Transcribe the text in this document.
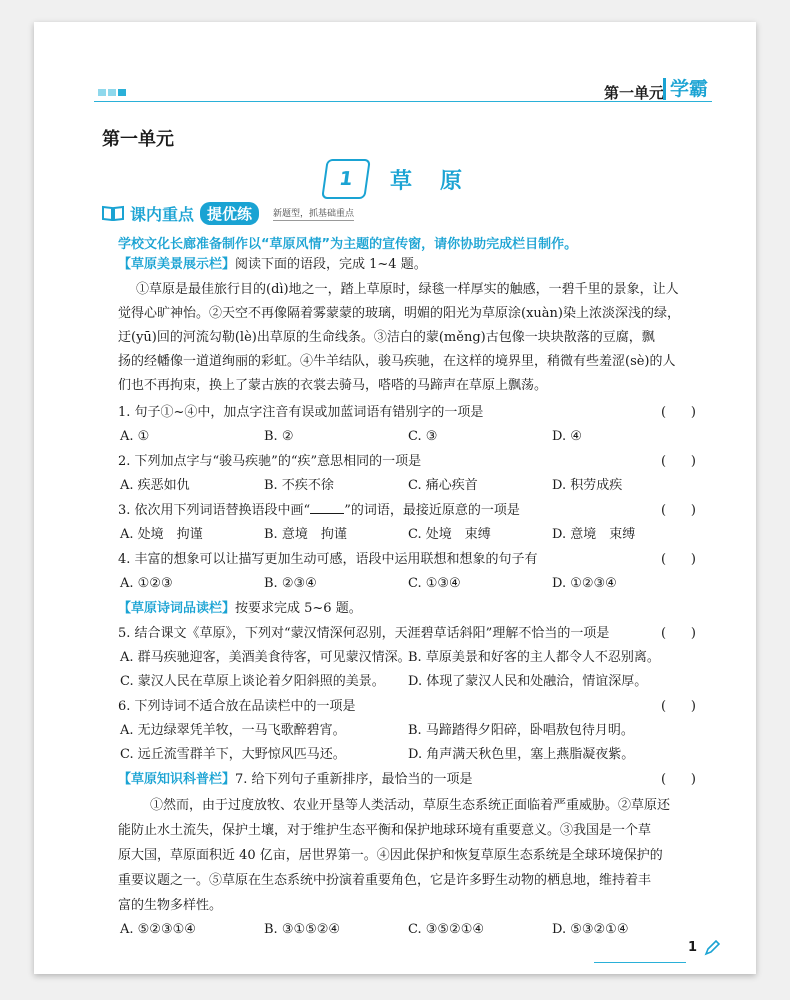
第一单元 学霸
第一单元
1	草原
课内重点 提优练	新题型，抓基础重点
学校文化长廊准备制作以“草原风情”为主题的宣传窗，请你协助完成栏目制作。
【草原美景展示栏】阅读下面的语段，完成 1~4 题。
①草原是最佳旅行目的(dì)地之一，踏上草原时，绿毯一样厚实的触感，一碧千里的景象，让人
觉得心旷神怡。②天空不再像隔着雾蒙蒙的玻璃，明媚的阳光为草原涂(xuàn)染上浓淡深浅的绿，
迂(yū)回的河流勾勒(lè)出草原的生命线条。③洁白的蒙(měng)古包像一块块散落的豆腐，飘
扬的经幡像一道道绚丽的彩虹。④牛羊结队，骏马疾驰，在这样的境界里，稍微有些羞涩(sè)的人
们也不再拘束，换上了蒙古族的衣裳去骑马，嗒嗒的马蹄声在草原上飘荡。
1. 句子①~④中，加点字注音有误或加蓝词语有错别字的一项是	(      )
A. ①	B. ②	C. ③	D. ④
2. 下列加点字与“骏马疾驰”的“疾”意思相同的一项是	(      )
A. 疾恶如仇	B. 不疾不徐	C. 痛心疾首	D. 积劳成疾
3. 依次用下列词语替换语段中画“	”的词语，最接近原意的一项是	(      )
A. 处境　拘谨	B. 意境　拘谨	C. 处境　束缚	D. 意境　束缚
4. 丰富的想象可以让描写更加生动可感，语段中运用联想和想象的句子有	(      )
A. ①②③	B. ②③④	C. ①③④	D. ①②③④
【草原诗词品读栏】按要求完成 5~6 题。
5. 结合课文《草原》，下列对“蒙汉情深何忍别，天涯碧草话斜阳”理解不恰当的一项是	(      )
A. 群马疾驰迎客，美酒美食待客，可见蒙汉情深。
B. 草原美景和好客的主人都令人不忍别离。
C. 蒙汉人民在草原上谈论着夕阳斜照的美景。 D. 体现了蒙汉人民和处融洽，情谊深厚。
6. 下列诗词不适合放在品读栏中的一项是	(      )
A. 无边绿翠凭羊牧，一马飞歌醉碧宵。	B. 马蹄踏得夕阳碎，卧唱敖包待月明。
C. 远丘流雪群羊下，大野惊风匹马还。	D. 角声满天秋色里，塞上燕脂凝夜紫。
【草原知识科普栏】7. 给下列句子重新排序，最恰当的一项是	(      )
①然而，由于过度放牧、农业开垦等人类活动，草原生态系统正面临着严重威胁。②草原还
能防止水土流失，保护土壤，对于维护生态平衡和保护地球环境有重要意义。③我国是一个草
原大国，草原面积近 40 亿亩，居世界第一。④因此保护和恢复草原生态系统是全球环境保护的
重要议题之一。⑤草原在生态系统中扮演着重要角色，它是许多野生动物的栖息地，维持着丰
富的生物多样性。
A. ⑤②③①④	B. ③①⑤②④	C. ③⑤②①④	D. ⑤③②①④
1
